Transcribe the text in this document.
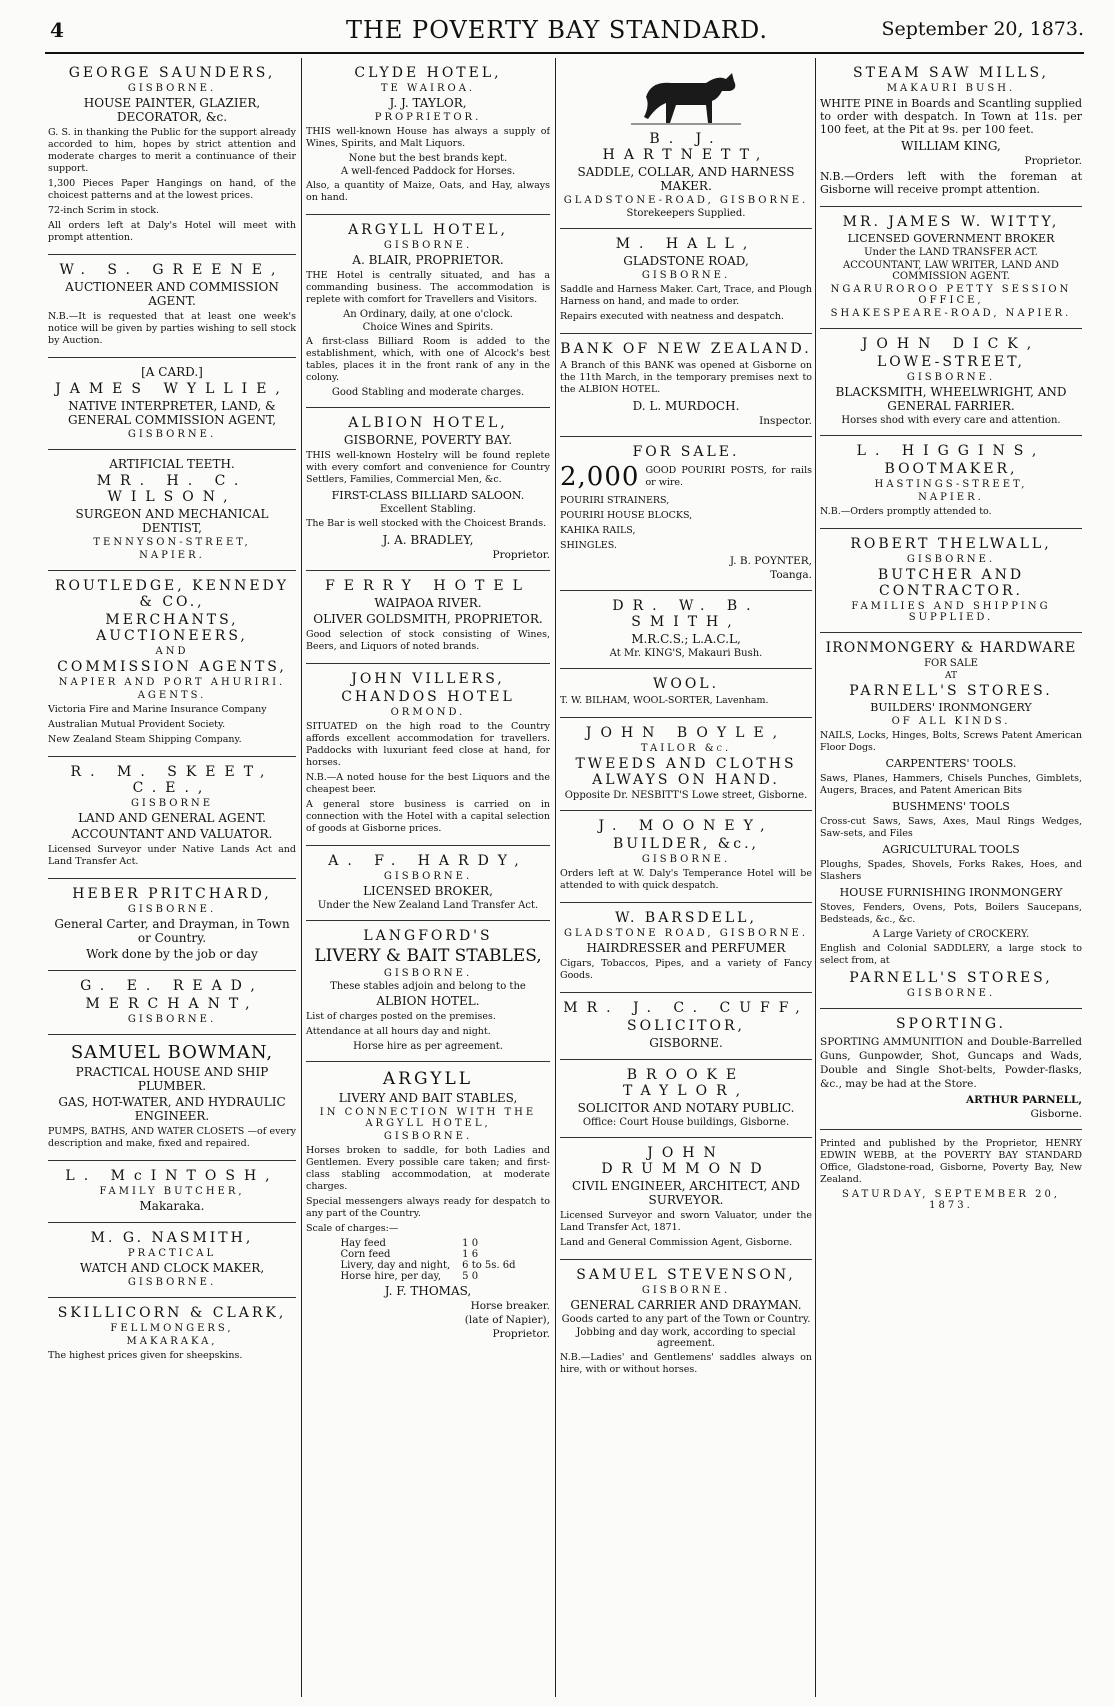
4	THE POVERTY BAY STANDARD.	September 20, 1873.
GEORGE SAUNDERS,
GISBORNE.
HOUSE PAINTER, GLAZIER, DECORATOR, &c.
G. S. in thanking the Public for the support already accorded to him, hopes by strict attention and moderate charges to merit a continuance of their support.
1,300 Pieces Paper Hangings on hand, of the choicest patterns and at the lowest prices.
72-inch Scrim in stock.
All orders left at Daly's Hotel will meet with prompt attention.
W. S. GREENE,
AUCTIONEER AND COMMISSION AGENT.
N.B.—It is requested that at least one week's notice will be given by parties wishing to sell stock by Auction.
[A CARD.]
JAMES WYLLIE,
NATIVE INTERPRETER, LAND, & GENERAL COMMISSION AGENT,
GISBORNE.
ARTIFICIAL TEETH.
MR. H. C. WILSON,
SURGEON AND MECHANICAL DENTIST,
TENNYSON-STREET,
NAPIER.
ROUTLEDGE, KENNEDY & CO.,
MERCHANTS, AUCTIONEERS,
AND
COMMISSION AGENTS,
NAPIER AND PORT AHURIRI.
AGENTS.
Victoria Fire and Marine Insurance Company
Australian Mutual Provident Society.
New Zealand Steam Shipping Company.
R. M. SKEET, C.E.,
GISBORNE
LAND AND GENERAL AGENT.
ACCOUNTANT AND VALUATOR.
Licensed Surveyor under Native Lands Act and Land Transfer Act.
HEBER PRITCHARD,
GISBORNE.
General Carter, and Drayman, in Town or Country.
Work done by the job or day
G. E. READ,
MERCHANT,
GISBORNE.
SAMUEL BOWMAN,
PRACTICAL HOUSE AND SHIP PLUMBER.
GAS, HOT-WATER, AND HYDRAULIC ENGINEER.
PUMPS, BATHS, AND WATER CLOSETS —of every description and make, fixed and repaired.
L. McINTOSH,
FAMILY BUTCHER,
Makaraka.
M. G. NASMITH,
PRACTICAL
WATCH AND CLOCK MAKER,
GISBORNE.
SKILLICORN & CLARK,
FELLMONGERS,
MAKARAKA,
The highest prices given for sheepskins.
CLYDE HOTEL,
TE WAIROA.
J. J. TAYLOR,
PROPRIETOR.
THIS well-known House has always a supply of Wines, Spirits, and Malt Liquors.
None but the best brands kept.
A well-fenced Paddock for Horses.
Also, a quantity of Maize, Oats, and Hay, always on hand.
ARGYLL HOTEL,
GISBORNE.
A. BLAIR, PROPRIETOR.
THE Hotel is centrally situated, and has a commanding business. The accommodation is replete with comfort for Travellers and Visitors.
An Ordinary, daily, at one o'clock.
Choice Wines and Spirits.
A first-class Billiard Room is added to the establishment, which, with one of Alcock's best tables, places it in the front rank of any in the colony.
Good Stabling and moderate charges.
ALBION HOTEL,
GISBORNE, POVERTY BAY.
THIS well-known Hostelry will be found replete with every comfort and convenience for Country Settlers, Families, Commercial Men, &c.
FIRST-CLASS BILLIARD SALOON.
Excellent Stabling.
The Bar is well stocked with the Choicest Brands.
J. A. BRADLEY,
Proprietor.
FERRY HOTEL
WAIPAOA RIVER.
OLIVER GOLDSMITH, PROPRIETOR.
Good selection of stock consisting of Wines, Beers, and Liquors of noted brands.
JOHN VILLERS,
CHANDOS HOTEL
ORMOND.
SITUATED on the high road to the Country affords excellent accommodation for travellers. Paddocks with luxuriant feed close at hand, for horses.
N.B.—A noted house for the best Liquors and the cheapest beer.
A general store business is carried on in connection with the Hotel with a capital selection of goods at Gisborne prices.
A. F. HARDY,
GISBORNE.
LICENSED BROKER,
Under the New Zealand Land Transfer Act.
LANGFORD'S
LIVERY & BAIT STABLES,
GISBORNE.
These stables adjoin and belong to the
ALBION HOTEL.
List of charges posted on the premises.
Attendance at all hours day and night.
Horse hire as per agreement.
ARGYLL
LIVERY AND BAIT STABLES,
IN CONNECTION WITH THE ARGYLL HOTEL,
GISBORNE.
Horses broken to saddle, for both Ladies and Gentlemen. Every possible care taken; and first-class stabling accommodation, at moderate charges.
Special messengers always ready for despatch to any part of the Country.
Scale of charges:—
Hay feed	1 0
Corn feed	1 6
Livery, day and night,	6 to 5s. 6d
Horse hire, per day,	5 0
J. F. THOMAS,
Horse breaker.
(late of Napier),
Proprietor.
B. J. HARTNETT,
SADDLE, COLLAR, AND HARNESS MAKER.
GLADSTONE-ROAD, GISBORNE.
Storekeepers Supplied.
M. HALL,
GLADSTONE ROAD,
GISBORNE.
Saddle and Harness Maker. Cart, Trace, and Plough Harness on hand, and made to order.
Repairs executed with neatness and despatch.
BANK OF NEW ZEALAND.
A Branch of this BANK was opened at Gisborne on the 11th March, in the temporary premises next to the ALBION HOTEL.
D. L. MURDOCH.
Inspector.
FOR SALE.
2,000 GOOD POURIRI POSTS, for rails or wire.
POURIRI STRAINERS,
POURIRI HOUSE BLOCKS,
KAHIKA RAILS,
SHINGLES.
J. B. POYNTER,
Toanga.
DR. W. B. SMITH,
M.R.C.S.; L.A.C.L,
At Mr. KING'S, Makauri Bush.
WOOL.
T. W. BILHAM, WOOL-SORTER, Lavenham.
JOHN BOYLE,
TAILOR &c.
TWEEDS AND CLOTHS ALWAYS ON HAND.
Opposite Dr. NESBITT'S Lowe street, Gisborne.
J. MOONEY,
BUILDER, &c.,
GISBORNE.
Orders left at W. Daly's Temperance Hotel will be attended to with quick despatch.
W. BARSDELL,
GLADSTONE ROAD, GISBORNE.
HAIRDRESSER and PERFUMER
Cigars, Tobaccos, Pipes, and a variety of Fancy Goods.
MR. J. C. CUFF,
SOLICITOR,
GISBORNE.
BROOKE TAYLOR,
SOLICITOR AND NOTARY PUBLIC.
Office: Court House buildings, Gisborne.
JOHN DRUMMOND
CIVIL ENGINEER, ARCHITECT, AND SURVEYOR.
Licensed Surveyor and sworn Valuator, under the Land Transfer Act, 1871.
Land and General Commission Agent, Gisborne.
SAMUEL STEVENSON,
GISBORNE.
GENERAL CARRIER AND DRAYMAN.
Goods carted to any part of the Town or Country.
Jobbing and day work, according to special agreement.
N.B.—Ladies' and Gentlemens' saddles always on hire, with or without horses.
STEAM SAW MILLS,
MAKAURI BUSH.
WHITE PINE in Boards and Scantling supplied to order with despatch. In Town at 11s. per 100 feet, at the Pit at 9s. per 100 feet.
WILLIAM KING,
Proprietor.
N.B.—Orders left with the foreman at Gisborne will receive prompt attention.
MR. JAMES W. WITTY,
LICENSED GOVERNMENT BROKER
Under the LAND TRANSFER ACT.
ACCOUNTANT, LAW WRITER, LAND AND COMMISSION AGENT.
NGARUROROO PETTY SESSION OFFICE,
SHAKESPEARE-ROAD, NAPIER.
JOHN DICK,
LOWE-STREET,
GISBORNE.
BLACKSMITH, WHEELWRIGHT, AND GENERAL FARRIER.
Horses shod with every care and attention.
L. HIGGINS,
BOOTMAKER,
HASTINGS-STREET,
NAPIER.
N.B.—Orders promptly attended to.
ROBERT THELWALL,
GISBORNE.
BUTCHER AND CONTRACTOR.
FAMILIES AND SHIPPING SUPPLIED.
IRONMONGERY & HARDWARE
FOR SALE
AT
PARNELL'S STORES.
BUILDERS' IRONMONGERY
OF ALL KINDS.
NAILS, Locks, Hinges, Bolts, Screws Patent American Floor Dogs.
CARPENTERS' TOOLS.
Saws, Planes, Hammers, Chisels Punches, Gimblets, Augers, Braces, and Patent American Bits
BUSHMENS' TOOLS
Cross-cut Saws, Saws, Axes, Maul Rings Wedges, Saw-sets, and Files
AGRICULTURAL TOOLS
Ploughs, Spades, Shovels, Forks Rakes, Hoes, and Slashers
HOUSE FURNISHING IRONMONGERY
Stoves, Fenders, Ovens, Pots, Boilers Saucepans, Bedsteads, &c., &c.
A Large Variety of CROCKERY.
English and Colonial SADDLERY, a large stock to select from, at
PARNELL'S STORES,
GISBORNE.
SPORTING.
SPORTING AMMUNITION and Double-Barrelled Guns, Gunpowder, Shot, Guncaps and Wads, Double and Single Shot-belts, Powder-flasks, &c., may be had at the Store.
ARTHUR PARNELL,
Gisborne.
Printed and published by the Proprietor, HENRY EDWIN WEBB, at the POVERTY BAY STANDARD Office, Gladstone-road, Gisborne, Poverty Bay, New Zealand.
SATURDAY, SEPTEMBER 20, 1873.
